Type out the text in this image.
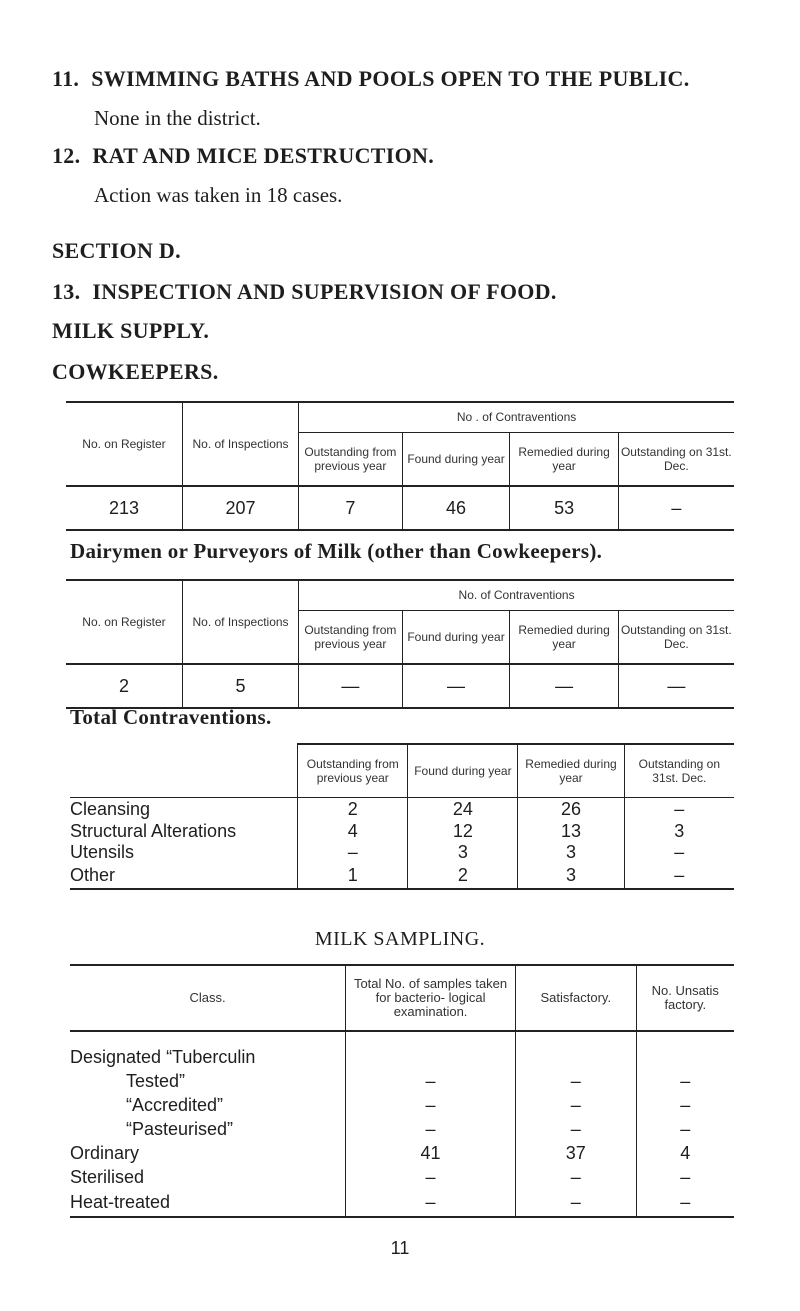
11. SWIMMING BATHS AND POOLS OPEN TO THE PUBLIC.
None in the district.
12. RAT AND MICE DESTRUCTION.
Action was taken in 18 cases.
SECTION D.
13. INSPECTION AND SUPERVISION OF FOOD.
MILK SUPPLY.
COWKEEPERS.
No. on Register	No. of Inspections	No . of Contraventions			
		Outstanding from previous year	Found during year	Remedied during year	Outstanding on 31st. Dec.
213	207	7	46	53	–
Dairymen or Purveyors of Milk (other than Cowkeepers).
No. on Register	No. of Inspections	No. of Contraventions			
		Outstanding from previous year	Found during year	Remedied during year	Outstanding on 31st. Dec.
2	5	—	—	—	—
Total Contraventions.
	Outstanding from previous year	Found during year	Remedied during year	Outstanding on 31st. Dec.
Cleansing	2	24	26	–
Structural Alterations	4	12	13	3
Utensils	–	3	3	–
Other	1	2	3	–
MILK SAMPLING.
Class.	Total No. of samples taken for bacterio- logical examination.	Satisfactory.	No. Unsatis factory.

Designated “Tuberculin			
Tested”	–	–	–
“Accredited”	–	–	–
“Pasteurised”	–	–	–
Ordinary	41	37	4
Sterilised	–	–	–
Heat-treated	–	–	–
11
